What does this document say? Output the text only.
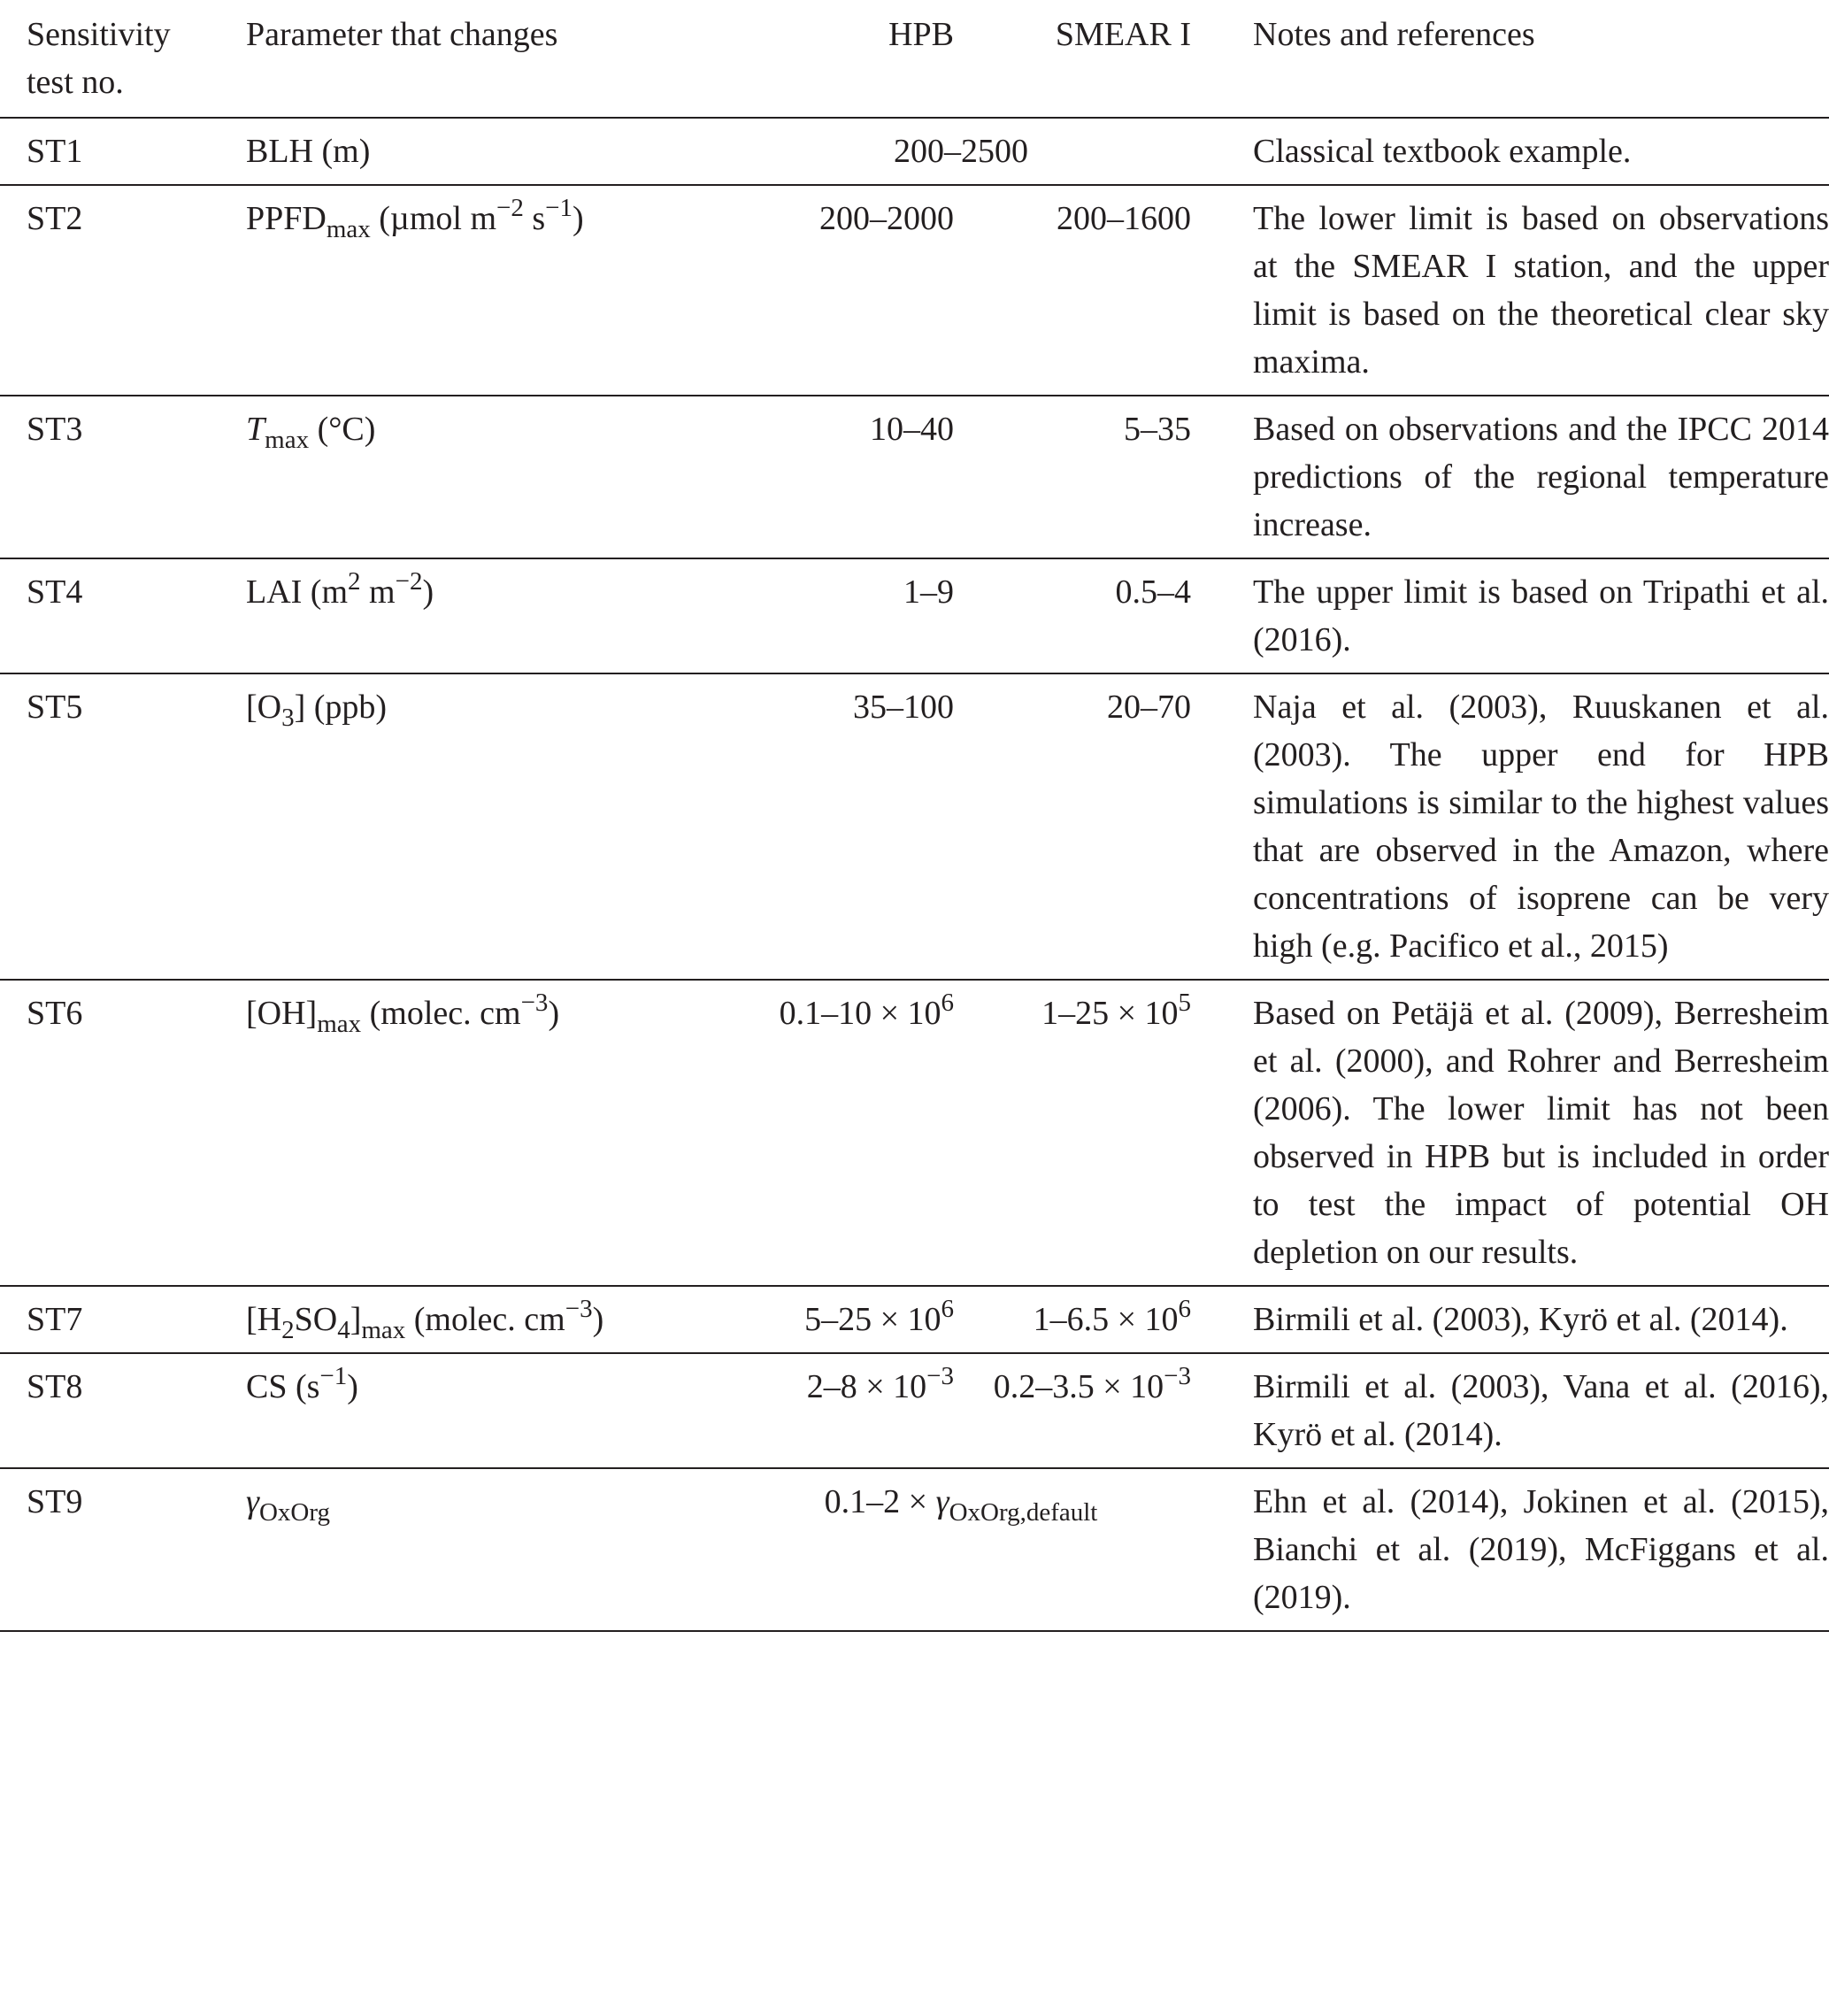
Sensitivity
test no.	Parameter that changes	HPB	SMEAR I	Notes and references
ST1	BLH (m)	200–2500		Classical textbook example.
ST2	$PPFD_{max}$ (µmol $m^{-2}$ $s^{-1}$)	200–2000	200–1600	The lower limit is based on observations at the SMEAR I station, and the upper limit is based on the theoretical clear sky maxima.
ST3	$T_{max}$ (°C)	10–40	5–35	Based on observations and the IPCC 2014 predictions of the regional temperature increase.
ST4	LAI ($m^2$ $m^{-2}$)	1–9	0.5–4	The upper limit is based on Tripathi et al. (2016).
ST5	$[O_3]$ (ppb)	35–100	20–70	Naja et al. (2003), Ruuskanen et al. (2003). The upper end for HPB simulations is similar to the highest values that are observed in the Amazon, where concentrations of isoprene can be very high (e.g. Pacifico et al., 2015)
ST6	$[OH]_{max}$ (molec. $cm^{-3}$)	$0.1-10 \times 10^6$	$1-25 \times 10^5$	Based on Petäjä et al. (2009), Berresheim et al. (2000), and Rohrer and Berresheim (2006). The lower limit has not been observed in HPB but is included in order to test the impact of potential OH depletion on our results.
ST7	$[H_2SO_4]_{max}$ (molec. $cm^{-3}$)	$5-25 \times 10^6$	$1-6.5 \times 10^6$	Birmili et al. (2003), Kyrö et al. (2014).
ST8	CS $(s^{-1})$	$2-8 \times 10^{-3}$	$0.2-3.5 \times 10^{-3}$	Birmili et al. (2003), Vana et al. (2016), Kyrö et al. (2014).
ST9	$\gamma_{OxOrg}$	$0.1-2 \times \gamma_{OxOrg,default}$		Ehn et al. (2014), Jokinen et al. (2015), Bianchi et al. (2019), McFiggans et al. (2019).
